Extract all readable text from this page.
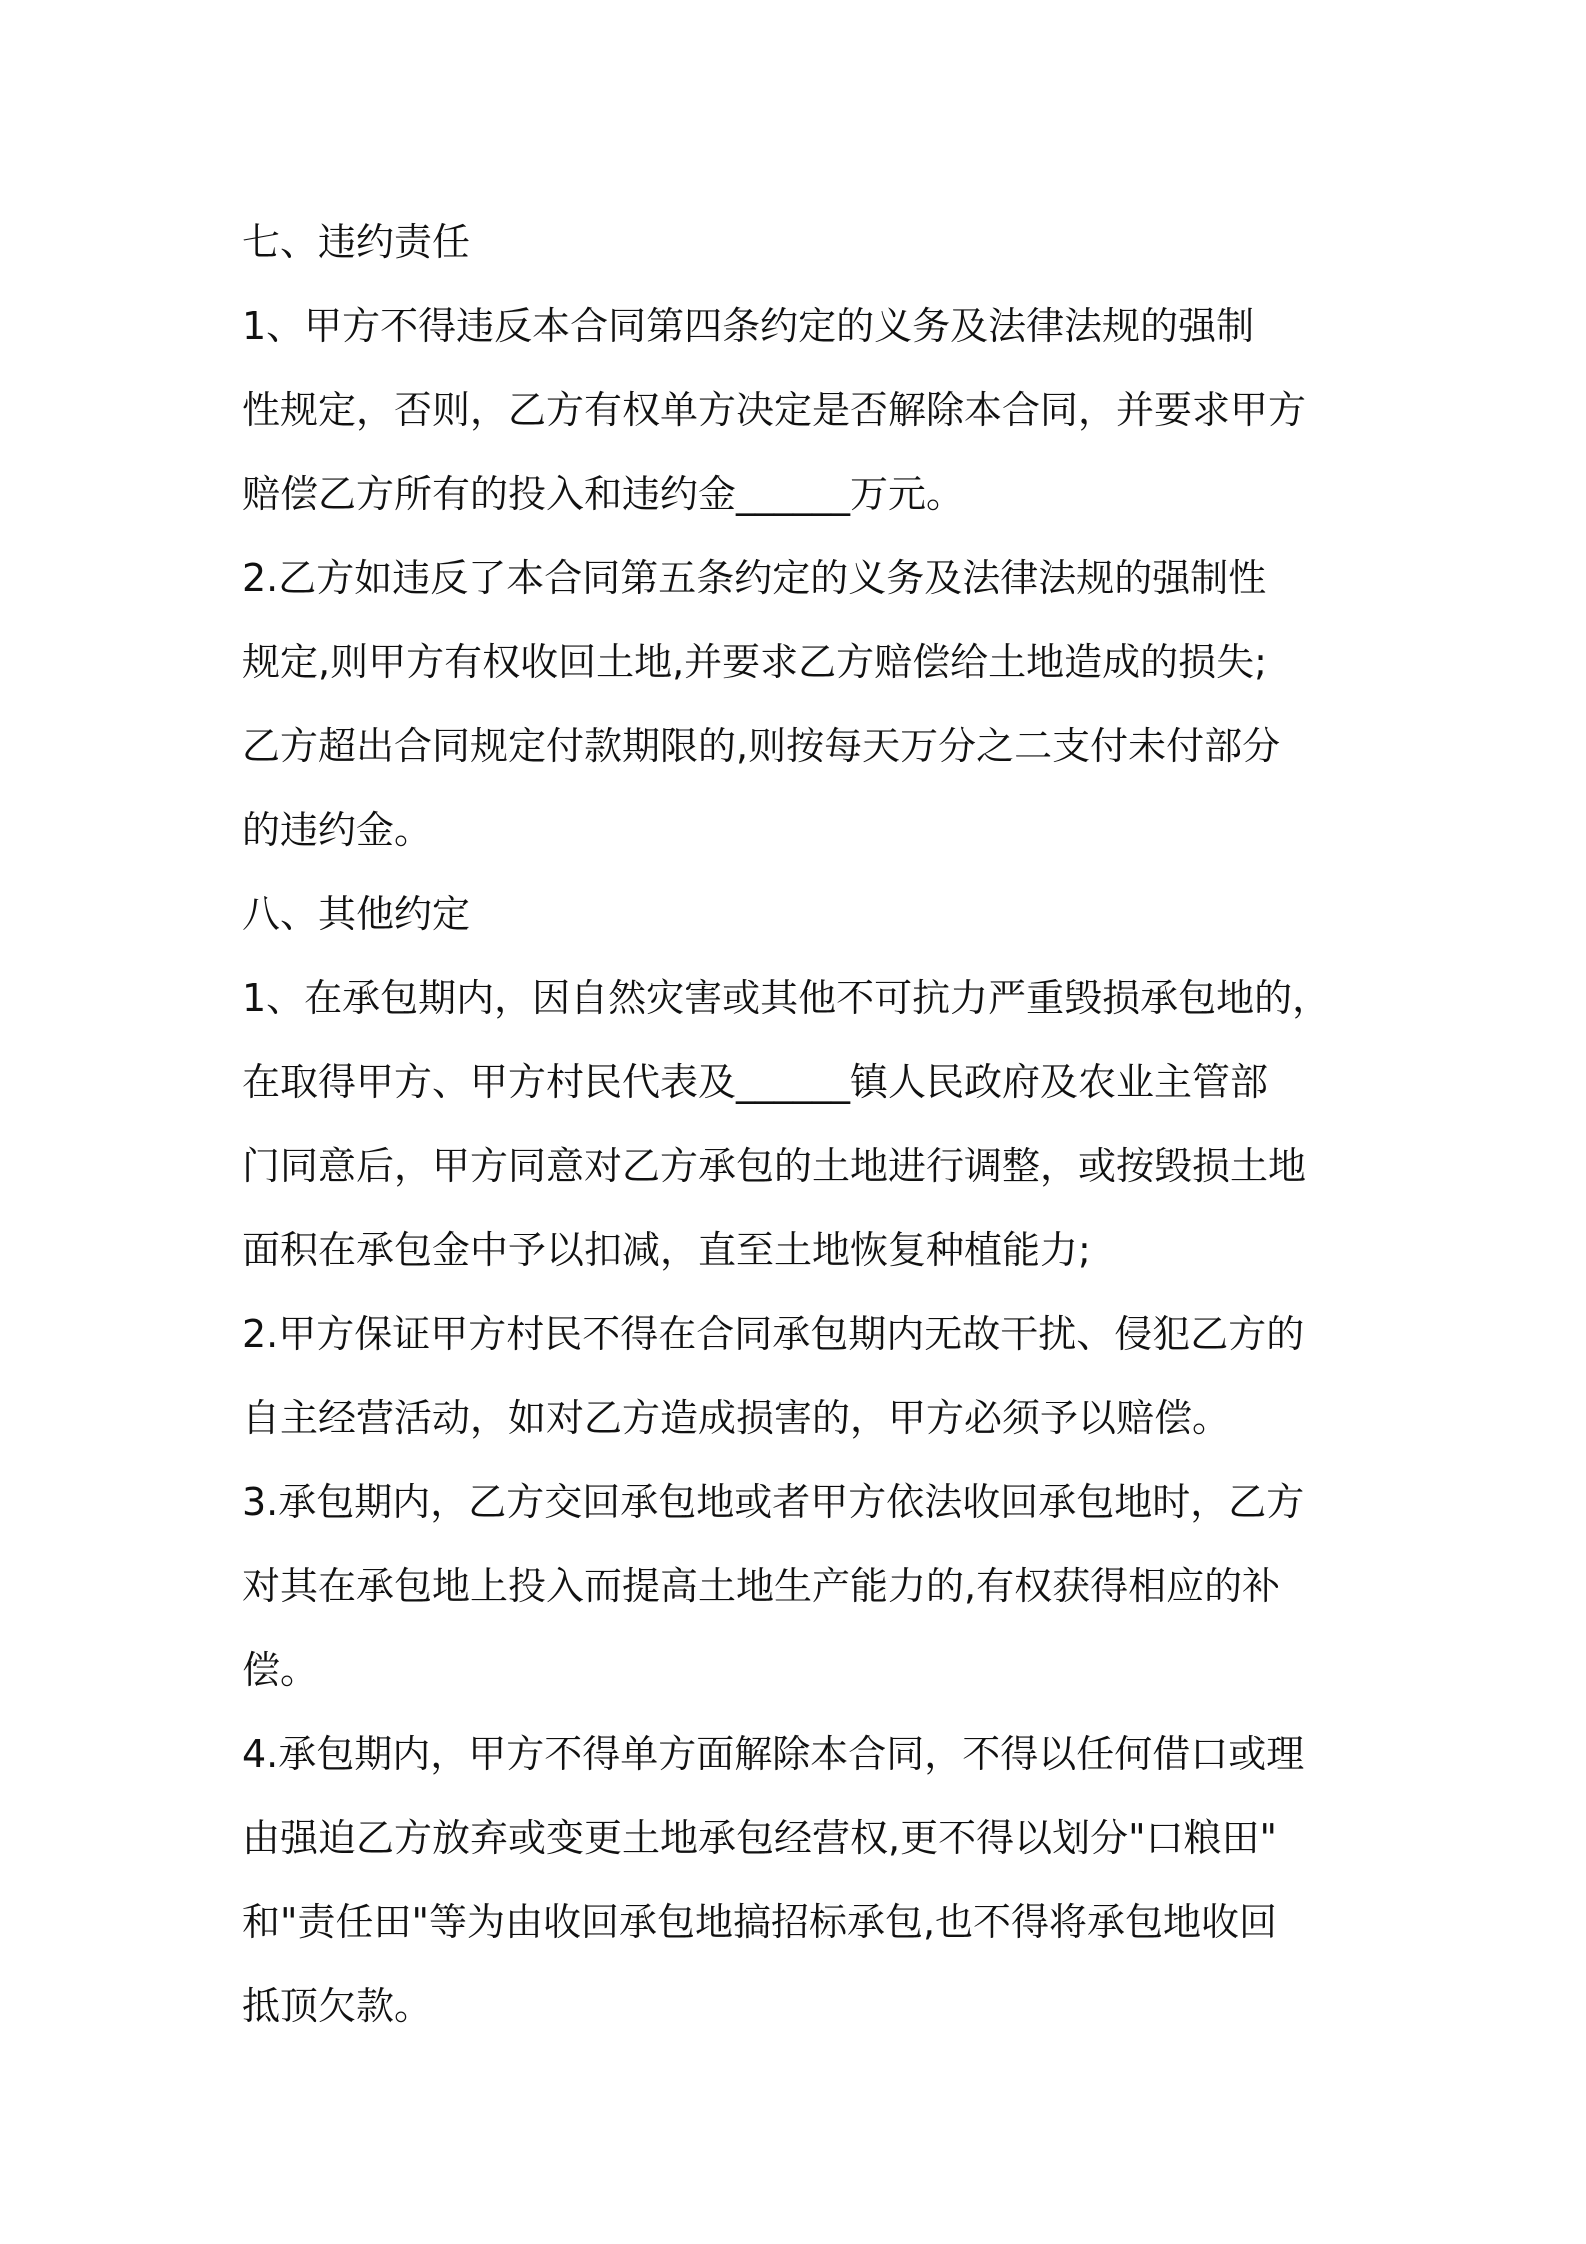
七、违约责任
1、甲方不得违反本合同第四条约定的义务及法律法规的强制
性规定，否则，乙方有权单方决定是否解除本合同，并要求甲方
赔偿乙方所有的投入和违约金______万元。
2.乙方如违反了本合同第五条约定的义务及法律法规的强制性
规定,则甲方有权收回土地,并要求乙方赔偿给土地造成的损失;
乙方超出合同规定付款期限的,则按每天万分之二支付未付部分
的违约金。
八、其他约定
1、在承包期内，因自然灾害或其他不可抗力严重毁损承包地的，
在取得甲方、甲方村民代表及______镇人民政府及农业主管部
门同意后，甲方同意对乙方承包的土地进行调整，或按毁损土地
面积在承包金中予以扣减，直至土地恢复种植能力;
2.甲方保证甲方村民不得在合同承包期内无故干扰、侵犯乙方的
自主经营活动，如对乙方造成损害的，甲方必须予以赔偿。
3.承包期内，乙方交回承包地或者甲方依法收回承包地时，乙方
对其在承包地上投入而提高土地生产能力的,有权获得相应的补
偿。
4.承包期内，甲方不得单方面解除本合同，不得以任何借口或理
由强迫乙方放弃或变更土地承包经营权,更不得以划分"口粮田"
和"责任田"等为由收回承包地搞招标承包,也不得将承包地收回
抵顶欠款。
